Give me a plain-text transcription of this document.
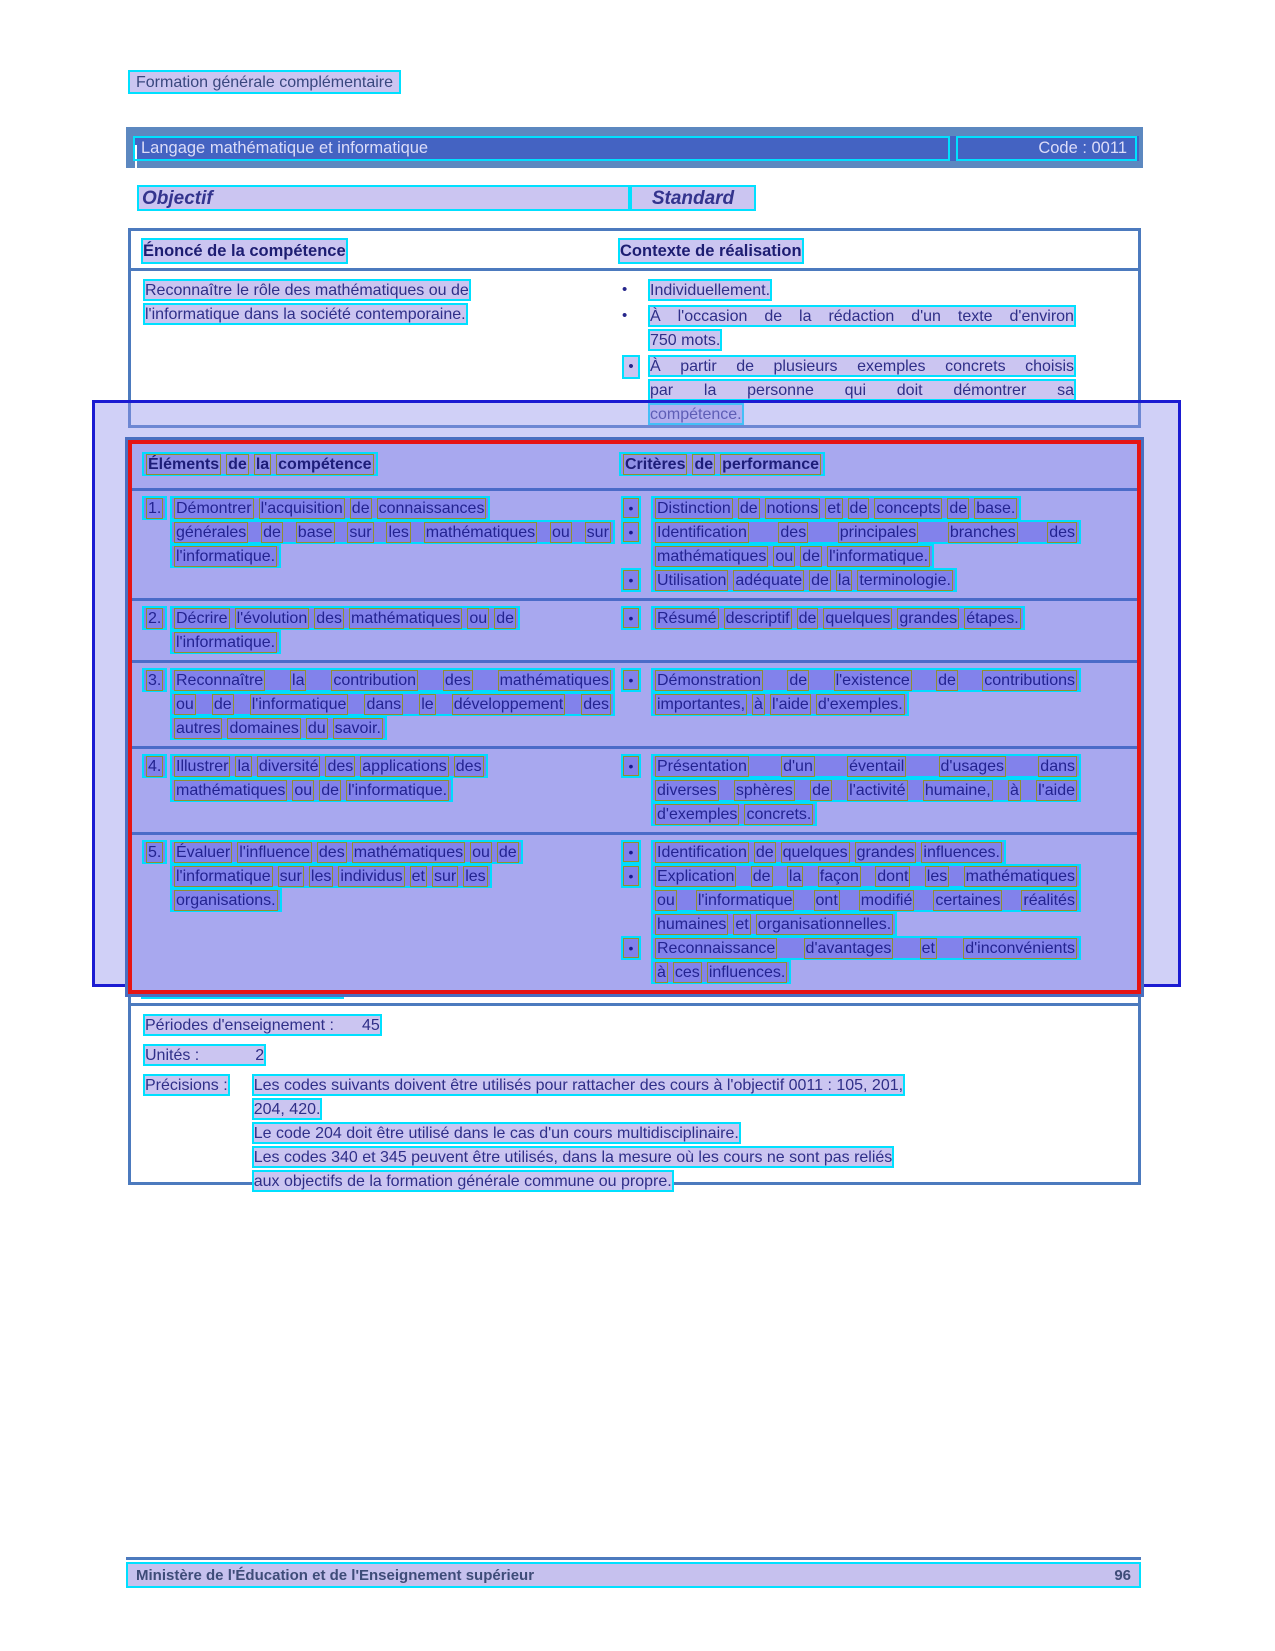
Formation générale complémentaire
Langage mathématique et informatique	Code : 0011
Objectif	Standard
Énoncé de la compétence	Contexte de réalisation
Reconnaître le rôle des mathématiques ou de
l'informatique dans la société contemporaine.
• Individuellement.
• À l'occasion de la rédaction d'un texte d'environ
750 mots.
•	À partir de plusieurs exemples concrets choisis
par la personne qui doit démontrer sa
compétence.
Éléments de la compétence	Critères de performance
1. Démontrer l'acquisition de connaissances
générales de base sur les mathématiques ou sur
l'informatique.
•	Distinction de notions et de concepts de base.
•	Identification des principales branches des
mathématiques ou de l'informatique.
•	Utilisation adéquate de la terminologie.
2. Décrire l'évolution des mathématiques ou de
l'informatique.
•	Résumé descriptif de quelques grandes étapes.
3. Reconnaître la contribution des mathématiques
ou de l'informatique dans le développement des
autres domaines du savoir.
•	Démonstration de l'existence de contributions
importantes, à l'aide d'exemples.
4. Illustrer la diversité des applications des
mathématiques ou de l'informatique.
•	Présentation d'un éventail d'usages dans
diverses sphères de l'activité humaine, à l'aide
d'exemples concrets.
5. Évaluer l'influence des mathématiques ou de
l'informatique sur les individus et sur les
organisations.
•	Identification de quelques grandes influences.
•	Explication de la façon dont les mathématiques
ou l'informatique ont modifié certaines réalités
humaines et organisationnelles.
•	Reconnaissance d'avantages et d'inconvénients
à ces influences.
Périodes d'enseignement : 45
Unités :	2
Précisions : Les codes suivants doivent être utilisés pour rattacher des cours à l'objectif 0011 : 105, 201,
204, 420.
Le code 204 doit être utilisé dans le cas d'un cours multidisciplinaire.
Les codes 340 et 345 peuvent être utilisés, dans la mesure où les cours ne sont pas reliés
aux objectifs de la formation générale commune ou propre.
Ministère de l'Éducation et de l'Enseignement supérieur	96
